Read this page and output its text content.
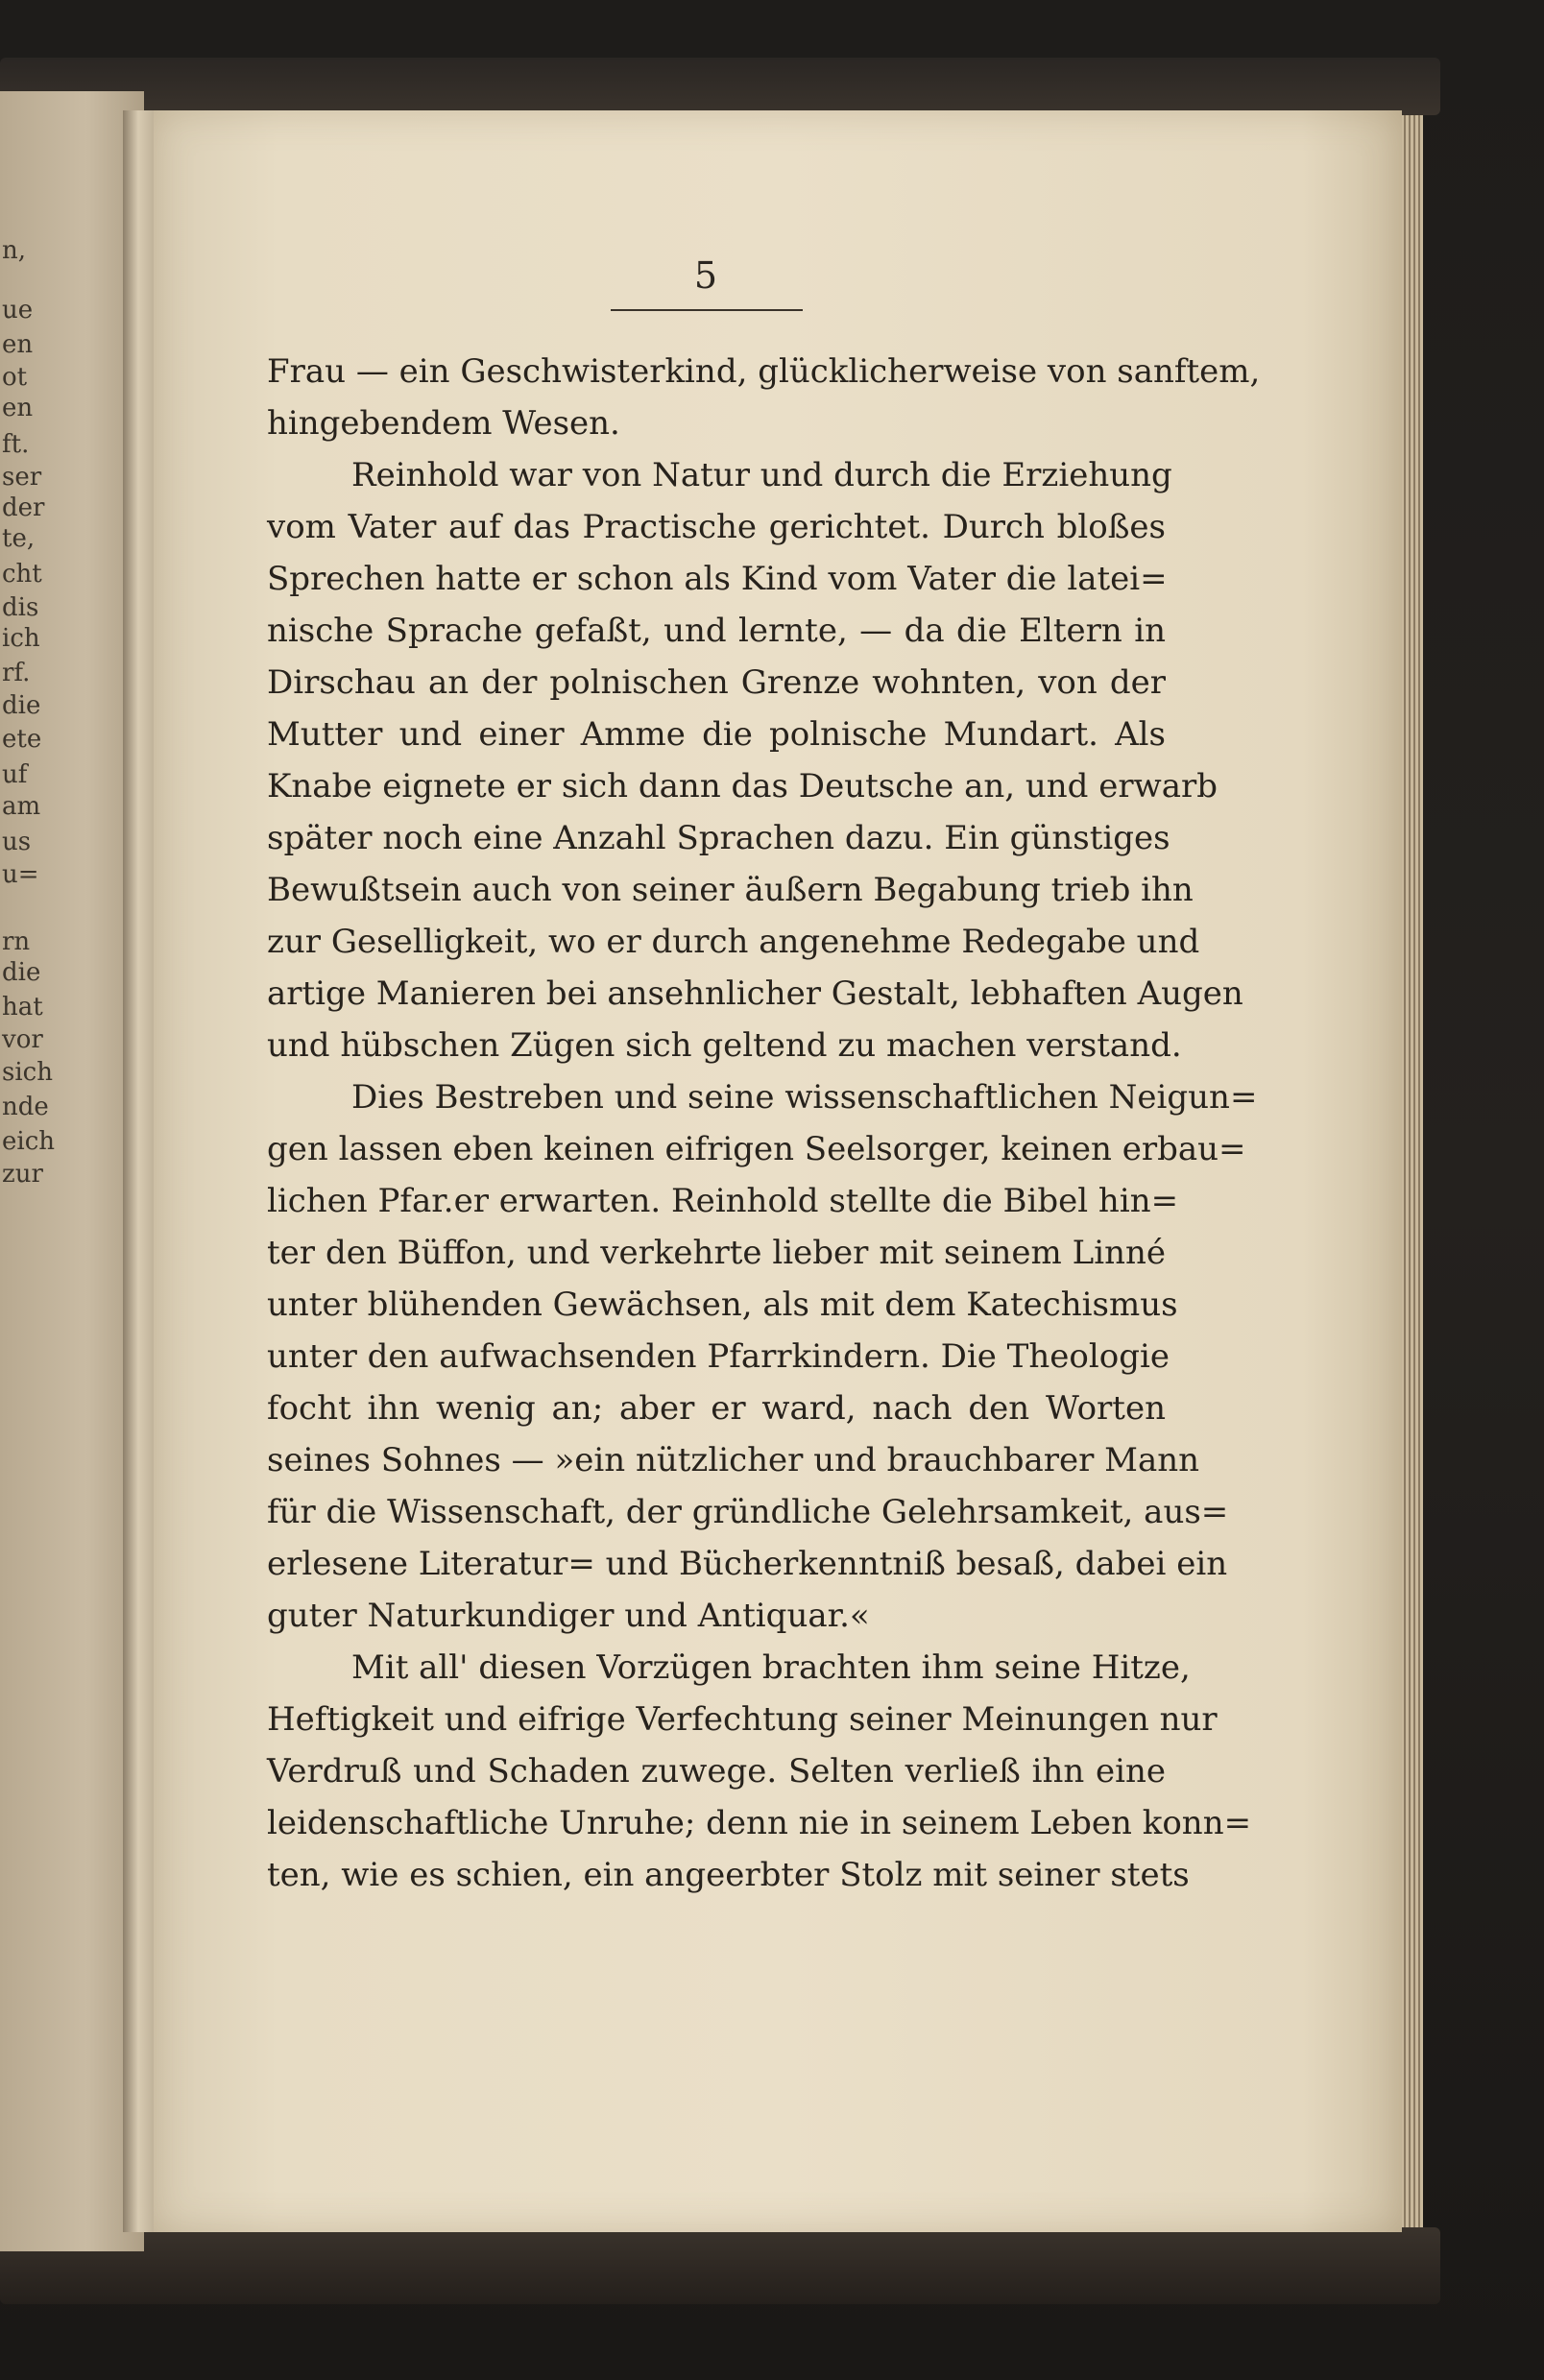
n,
ue
en
ot
en
ft.
ser
der
te,
cht
dis
ich
rf.
die
ete
uf
am
us
u=
rn
die
hat
vor
sich
nde
eich
zur
5
Frau — ein Geschwisterkind, glücklicherweise von sanftem,
hingebendem Wesen.
Reinhold war von Natur und durch die Erziehung
vom Vater auf das Practische gerichtet. Durch bloßes
Sprechen hatte er schon als Kind vom Vater die latei=
nische Sprache gefaßt, und lernte, — da die Eltern in
Dirschau an der polnischen Grenze wohnten, von der
Mutter und einer Amme die polnische Mundart. Als
Knabe eignete er sich dann das Deutsche an, und erwarb
später noch eine Anzahl Sprachen dazu. Ein günstiges
Bewußtsein auch von seiner äußern Begabung trieb ihn
zur Geselligkeit, wo er durch angenehme Redegabe und
artige Manieren bei ansehnlicher Gestalt, lebhaften Augen
und hübschen Zügen sich geltend zu machen verstand.
Dies Bestreben und seine wissenschaftlichen Neigun=
gen lassen eben keinen eifrigen Seelsorger, keinen erbau=
lichen Pfar.er erwarten. Reinhold stellte die Bibel hin=
ter den Büffon, und verkehrte lieber mit seinem Linné
unter blühenden Gewächsen, als mit dem Katechismus
unter den aufwachsenden Pfarrkindern. Die Theologie
focht ihn wenig an; aber er ward, nach den Worten
seines Sohnes — »ein nützlicher und brauchbarer Mann
für die Wissenschaft, der gründliche Gelehrsamkeit, aus=
erlesene Literatur= und Bücherkenntniß besaß, dabei ein
guter Naturkundiger und Antiquar.«
Mit all' diesen Vorzügen brachten ihm seine Hitze,
Heftigkeit und eifrige Verfechtung seiner Meinungen nur
Verdruß und Schaden zuwege. Selten verließ ihn eine
leidenschaftliche Unruhe; denn nie in seinem Leben konn=
ten, wie es schien, ein angeerbter Stolz mit seiner stets
